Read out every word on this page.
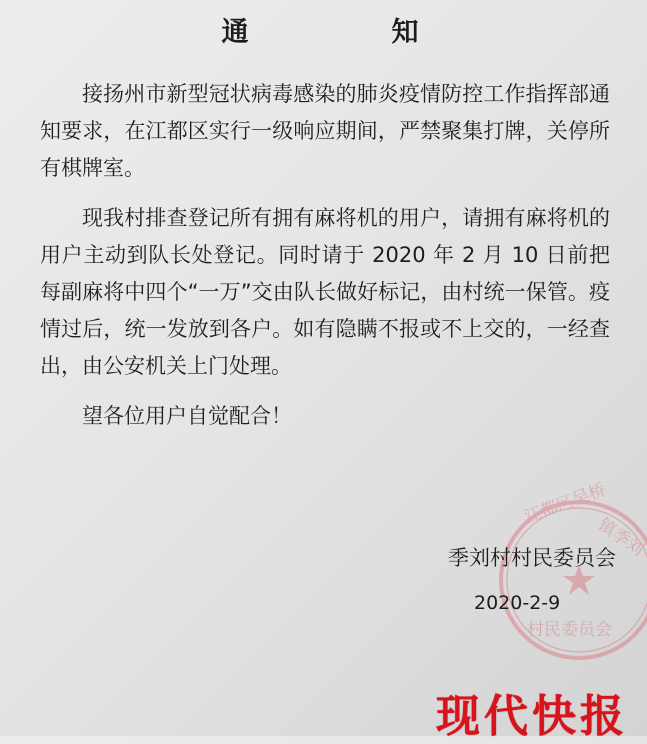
通　知

接扬州市新型冠状病毒感染的肺炎疫情防控工作指挥部通知要求，在江都区实行一级响应期间，严禁聚集打牌，关停所有棋牌室。

现我村排查登记所有拥有麻将机的用户，请拥有麻将机的用户主动到队长处登记。同时请于 2020 年 2 月 10 日前把每副麻将中四个“一万”交由队长做好标记，由村统一保管。疫情过后，统一发放到各户。如有隐瞒不报或不上交的，一经查出，由公安机关上门处理。

望各位用户自觉配合！

江都区吴桥
镇季刘
村民委员会
季刘村村民委员会
2020-2-9
现代快报
